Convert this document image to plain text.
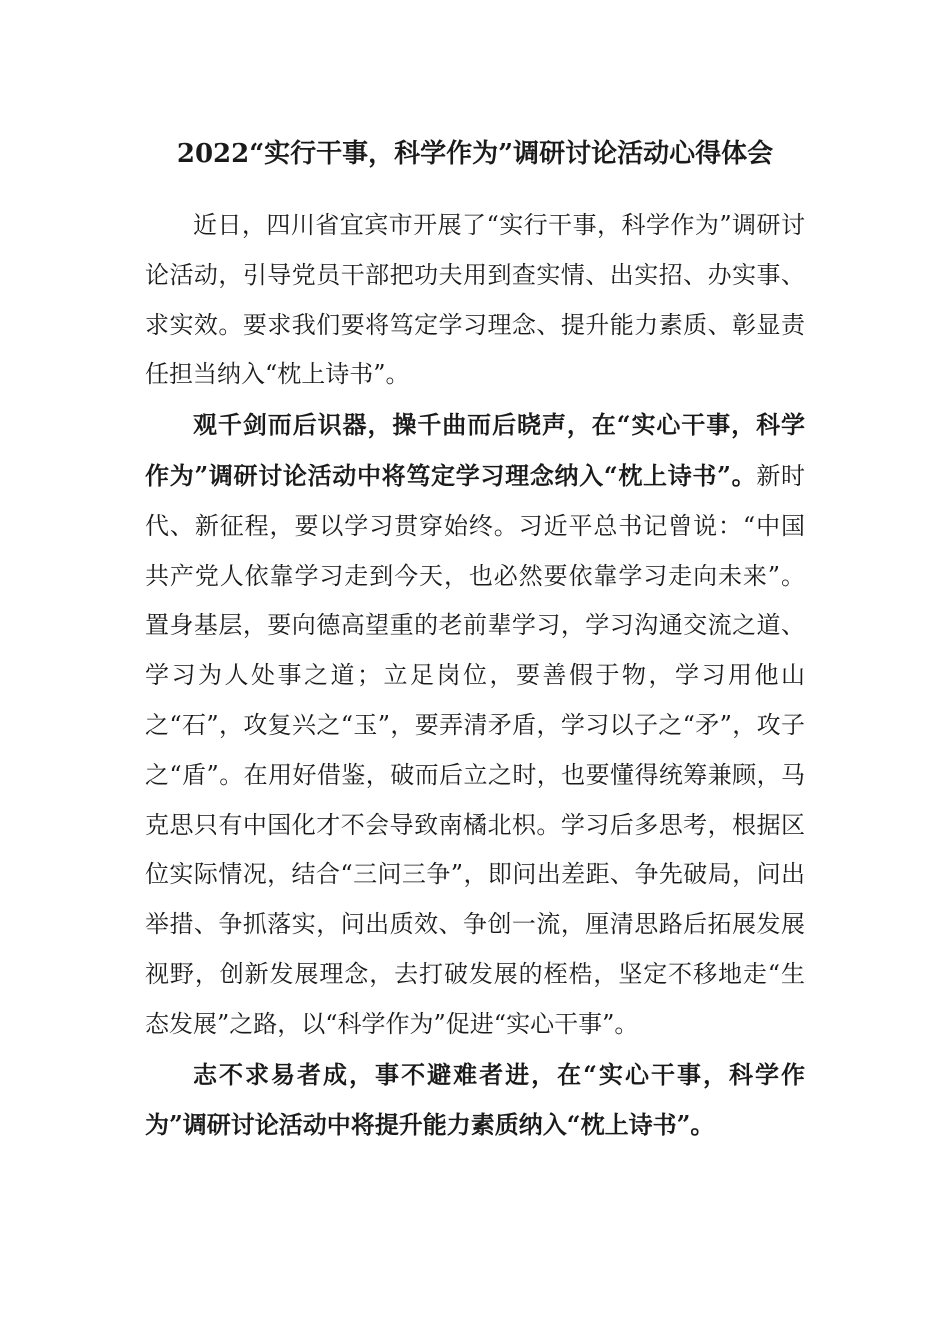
2022“实行干事，科学作为”调研讨论活动心得体会

近日，四川省宜宾市开展了“实行干事，科学作为”调研讨论活动，引导党员干部把功夫用到查实情、出实招、办实事、求实效。要求我们要将笃定学习理念、提升能力素质、彰显责任担当纳入“枕上诗书”。

观千剑而后识器，操千曲而后晓声，在“实心干事，科学作为”调研讨论活动中将笃定学习理念纳入“枕上诗书”。新时代、新征程，要以学习贯穿始终。习近平总书记曾说：“中国共产党人依靠学习走到今天，也必然要依靠学习走向未来”。置身基层，要向德高望重的老前辈学习，学习沟通交流之道、学习为人处事之道；立足岗位，要善假于物，学习用他山之“石”，攻复兴之“玉”，要弄清矛盾，学习以子之“矛”，攻子之“盾”。在用好借鉴，破而后立之时，也要懂得统筹兼顾，马克思只有中国化才不会导致南橘北枳。学习后多思考，根据区位实际情况，结合“三问三争”，即问出差距、争先破局，问出举措、争抓落实，问出质效、争创一流，厘清思路后拓展发展视野，创新发展理念，去打破发展的桎梏，坚定不移地走“生态发展”之路，以“科学作为”促进“实心干事”。

志不求易者成，事不避难者进，在“实心干事，科学作为”调研讨论活动中将提升能力素质纳入“枕上诗书”。
